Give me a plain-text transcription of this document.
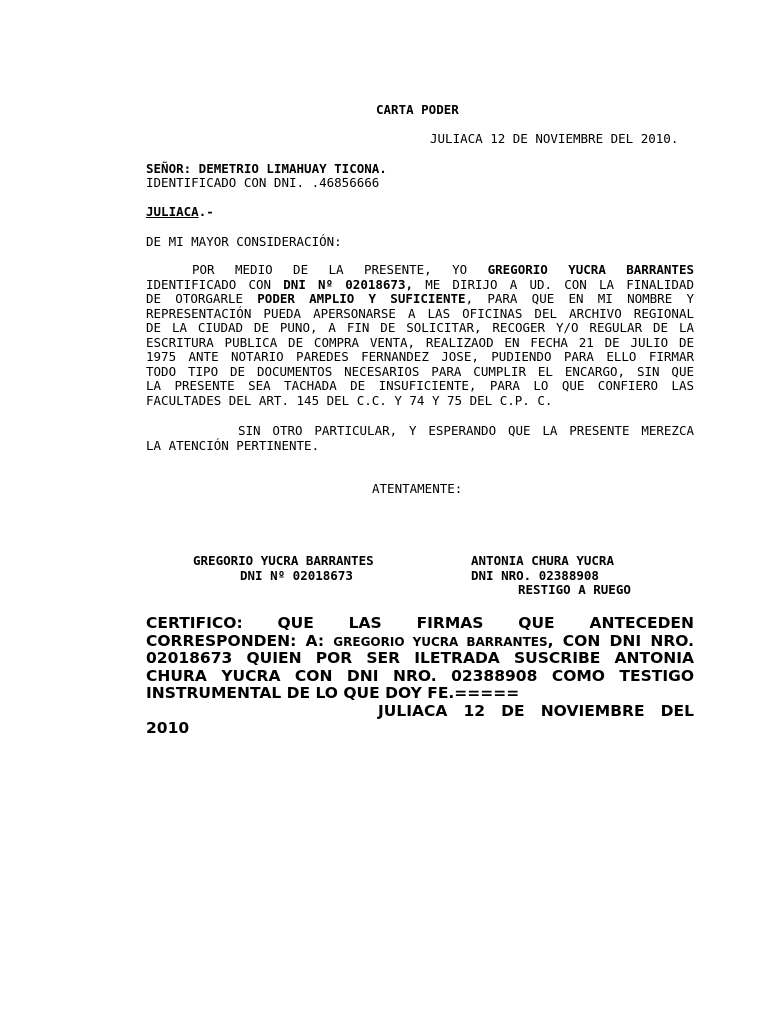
CARTA PODER
JULIACA 12 DE NOVIEMBRE DEL 2010.
SEÑOR: DEMETRIO LIMAHUAY TICONA.
IDENTIFICADO CON DNI. .46856666
JULIACA.-
DE MI MAYOR CONSIDERACIÓN:
POR MEDIO DE LA PRESENTE, YO GREGORIO YUCRA BARRANTES
IDENTIFICADO CON DNI Nº 02018673, ME DIRIJO A UD. CON LA FINALIDAD
DE OTORGARLE PODER AMPLIO Y SUFICIENTE, PARA QUE EN MI NOMBRE Y
REPRESENTACIÓN PUEDA APERSONARSE A LAS OFICINAS DEL ARCHIVO REGIONAL
DE LA CIUDAD DE PUNO, A FIN DE SOLICITAR, RECOGER Y/O REGULAR DE LA
ESCRITURA PUBLICA DE COMPRA VENTA, REALIZAOD EN FECHA 21 DE JULIO DE
1975 ANTE NOTARIO PAREDES FERNANDEZ JOSE, PUDIENDO PARA ELLO FIRMAR
TODO TIPO DE DOCUMENTOS NECESARIOS PARA CUMPLIR EL ENCARGO, SIN QUE
LA PRESENTE SEA TACHADA DE INSUFICIENTE, PARA LO QUE CONFIERO LAS
FACULTADES DEL ART. 145 DEL C.C. Y 74 Y 75 DEL C.P. C.
SIN OTRO PARTICULAR, Y ESPERANDO QUE LA PRESENTE MEREZCA
LA ATENCIÓN PERTINENTE.
ATENTAMENTE:
GREGORIO YUCRA BARRANTES
DNI Nº 02018673
ANTONIA CHURA YUCRA
DNI NRO. 02388908
RESTIGO A RUEGO
CERTIFICO: QUE LAS FIRMAS QUE ANTECEDEN
CORRESPONDEN: A: GREGORIO YUCRA BARRANTES, CON DNI NRO.
02018673 QUIEN POR SER ILETRADA SUSCRIBE ANTONIA
CHURA YUCRA CON DNI NRO. 02388908 COMO TESTIGO
INSTRUMENTAL DE LO QUE DOY FE.=====
JULIACA 12 DE NOVIEMBRE DEL
2010
